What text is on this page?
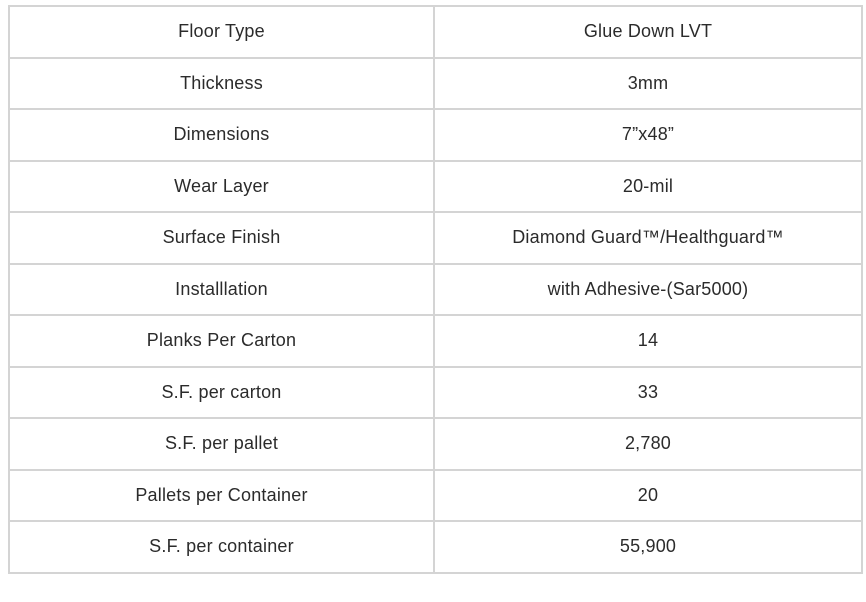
Floor Type	Glue Down LVT
Thickness	3mm
Dimensions	7”x48”
Wear Layer	20-mil
Surface Finish	Diamond Guard™/Healthguard™
Installlation	with Adhesive-(Sar5000)
Planks Per Carton	14
S.F. per carton	33
S.F. per pallet	2,780
Pallets per Container	20
S.F. per container	55,900
